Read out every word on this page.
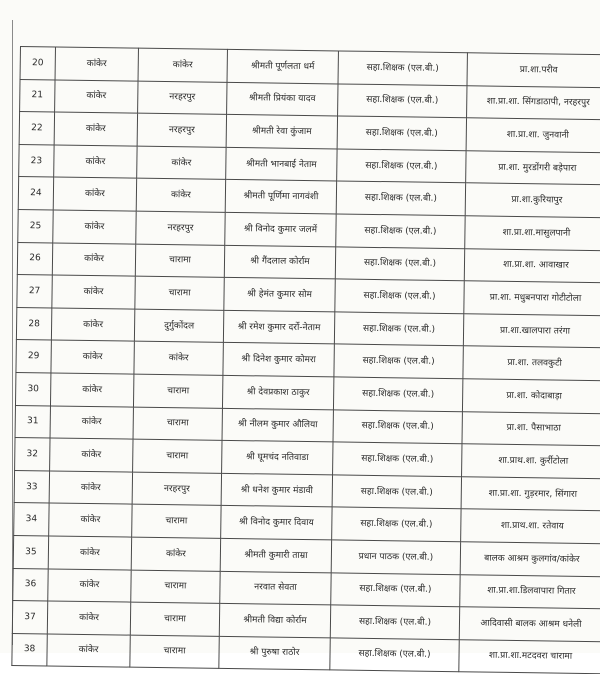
20	कांकेर	कांकेर	श्रीमती पूर्णलता धर्म	सहा.शिक्षक (एल.बी.)	प्रा.शा.परीव
21	कांकेर	नरहरपुर	श्रीमती प्रियंका यादव	सहा.शिक्षक (एल.बी.)	शा.प्रा.शा. सिंगडाठापी, नरहरपुर
22	कांकेर	नरहरपुर	श्रीमती रेवा कुंजाम	सहा.शिक्षक (एल.बी.)	शा.प्रा.शा. जुनवानी
23	कांकेर	कांकेर	श्रीमती भानबाई नेताम	सहा.शिक्षक (एल.बी.)	प्रा.शा. मुरडोंगरी बड़ेपारा
24	कांकेर	कांकेर	श्रीमती पूर्णिमा नागवंशी	सहा.शिक्षक (एल.बी.)	प्रा.शा.कुरियापुर
25	कांकेर	नरहरपुर	श्री विनोद कुमार जलमें	सहा.शिक्षक (एल.बी.)	शा.प्रा.शा.मासुलपानी
26	कांकेर	चारामा	श्री गैंदलाल कोर्राम	सहा.शिक्षक (एल.बी.)	शा.प्रा.शा. आवाखार
27	कांकेर	चारामा	श्री हेमंत कुमार सोम	सहा.शिक्षक (एल.बी.)	प्रा.शा. मधुबनपारा गोटीटोला
28	कांकेर	दुर्गुकोंदल	श्री रमेश कुमार दर्रो-नेताम	सहा.शिक्षक (एल.बी.)	प्रा.शा.खालपारा तरंगा
29	कांकेर	कांकेर	श्री दिनेश कुमार कोमरा	सहा.शिक्षक (एल.बी.)	प्रा.शा. तलवकुटी
30	कांकेर	चारामा	श्री देवप्रकाश ठाकुर	सहा.शिक्षक (एल.बी.)	प्रा.शा. कोदाबाड़ा
31	कांकेर	चारामा	श्री नीलम कुमार औलिया	सहा.शिक्षक (एल.बी.)	प्रा.शा. पैसाभाठा
32	कांकेर	चारामा	श्री घूमचंद नतिवाडा	सहा.शिक्षक (एल.बी.)	शा.प्राथ.शा. कुर्रीटोला
33	कांकेर	नरहरपुर	श्री धनेश कुमार मंडावी	सहा.शिक्षक (एल.बी.)	शा.प्रा.शा. गुड़रमार, सिंगारा
34	कांकेर	चारामा	श्री विनोद कुमार दिवाय	सहा.शिक्षक (एल.बी.)	शा.प्राथ.शा. रतेवाय
35	कांकेर	कांकेर	श्रीमती कुमारी ताम्रा	प्रधान पाठक (एल.बी.)	बालक आश्रम कुलगांव/कांकेर
36	कांकेर	चारामा	नरवात सेवता	सहा.शिक्षक (एल.बी.)	शा.प्रा.शा.डिलवापारा गितार
37	कांकेर	चारामा	श्रीमती विद्या कोर्राम	सहा.शिक्षक (एल.बी.)	आदिवासी बालक आश्रम धनेली
38	कांकेर	चारामा	श्री पुरुषा राठोर	सहा.शिक्षक (एल.बी.)	शा.प्रा.शा.मटदवरा चारामा
